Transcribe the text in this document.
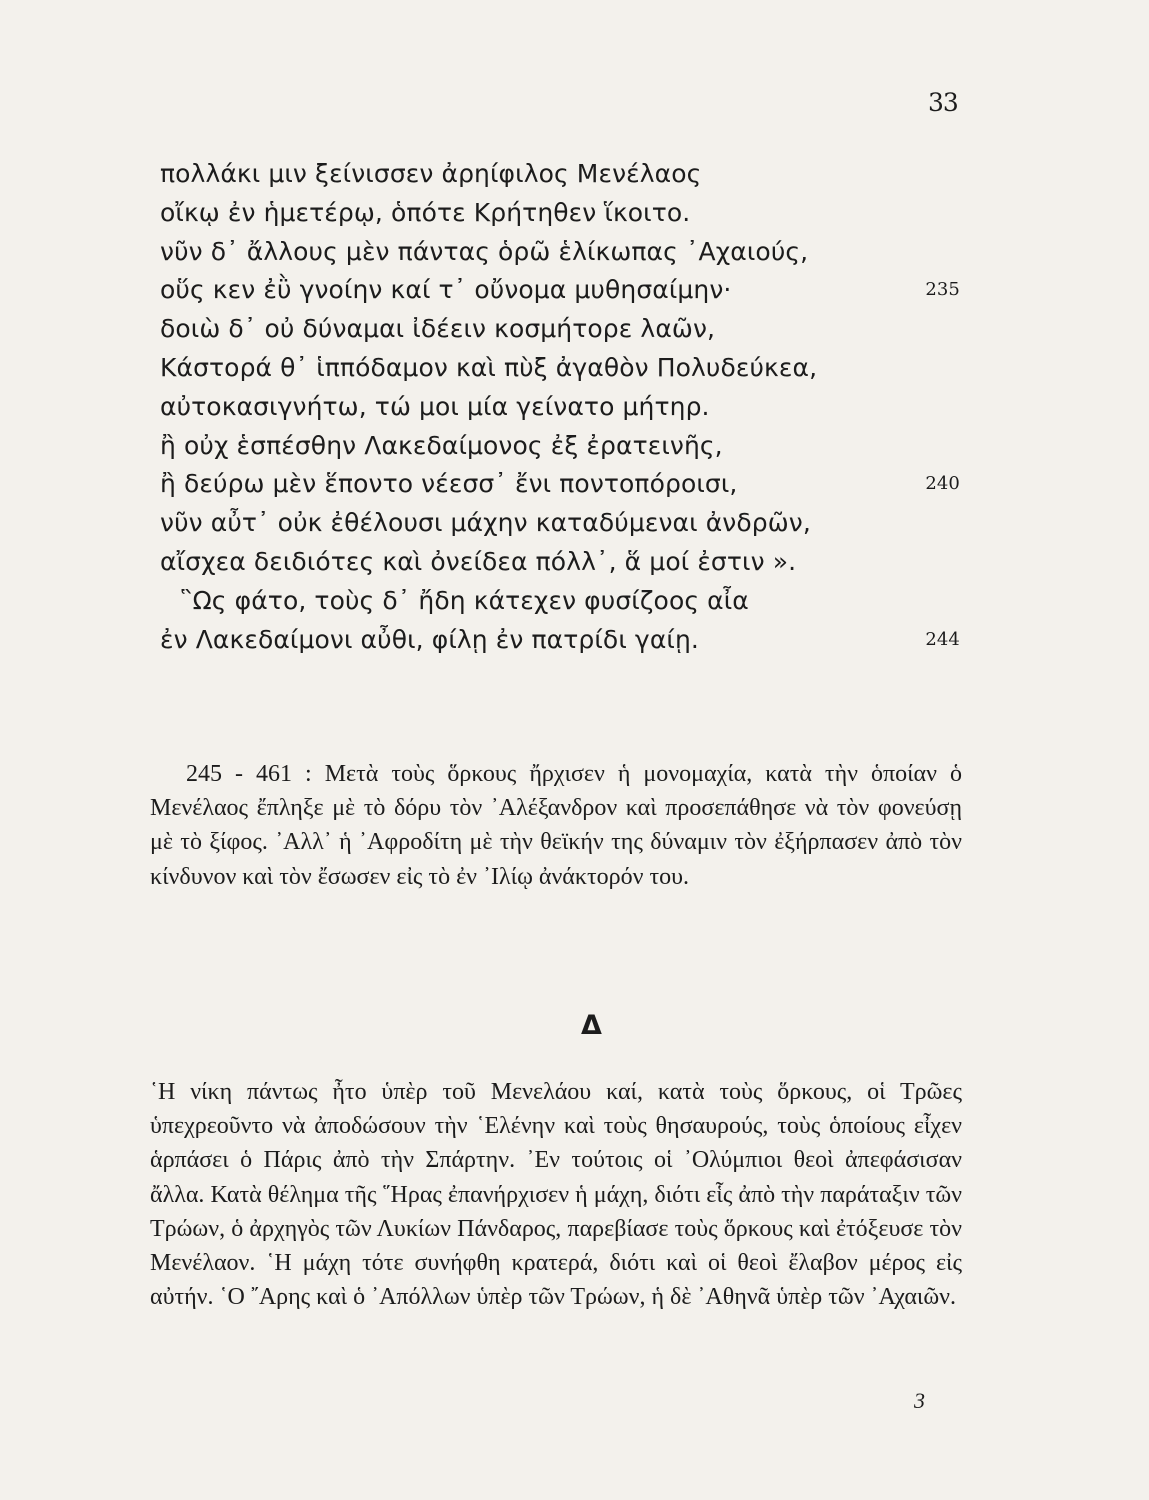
33
πολλάκι μιν ξείνισσεν ἀρηίφιλος Μενέλαος
οἴκῳ ἐν ἡμετέρῳ, ὁπότε Κρήτηθεν ἵκοιτο.
νῦν δ᾽ ἄλλους μὲν πάντας ὁρῶ ἑλίκωπας ᾽Αχαιούς,
οὕς κεν ἐῢ γνοίην καί τ᾽ οὔνομα μυθησαίμην·	235
δοιὼ δ᾽ οὐ δύναμαι ἰδέειν κοσμήτορε λαῶν,
Κάστορά θ᾽ ἱππόδαμον καὶ πὺξ ἀγαθὸν Πολυδεύκεα,
αὐτοκασιγνήτω, τώ μοι μία γείνατο μήτηρ.
ἢ οὐχ ἑσπέσθην Λακεδαίμονος ἐξ ἐρατεινῆς,
ἢ δεύρω μὲν ἕποντο νέεσσ᾽ ἔνι ποντοπόροισι,	240
νῦν αὖτ᾽ οὐκ ἐθέλουσι μάχην καταδύμεναι ἀνδρῶν,
αἴσχεα δειδιότες καὶ ὀνείδεα πόλλ᾽, ἅ μοί ἐστιν ».
῝Ως φάτο, τοὺς δ᾽ ἤδη κάτεχεν φυσίζοος αἶα
ἐν Λακεδαίμονι αὖθι, φίλῃ ἐν πατρίδι γαίῃ.	244

245 - 461 : Μετὰ τοὺς ὅρκους ἤρχισεν ἡ μονομαχία, κατὰ τὴν ὁποίαν ὁ Μενέλαος ἔπληξε μὲ τὸ δόρυ τὸν ᾽Αλέξανδρον καὶ προσεπάθησε νὰ τὸν φονεύσῃ μὲ τὸ ξίφος. ᾽Αλλ᾽ ἡ ᾽Αφροδίτη μὲ τὴν θεϊκήν της δύναμιν τὸν ἐξήρπασεν ἀπὸ τὸν κίνδυνον καὶ τὸν ἔσωσεν εἰς τὸ ἐν ᾽Ιλίῳ ἀνάκτορόν του.

Δ

῾Η νίκη πάντως ἦτο ὑπὲρ τοῦ Μενελάου καί, κατὰ τοὺς ὅρκους, οἱ Τρῶες ὑπεχρεοῦντο νὰ ἀποδώσουν τὴν ῾Ελένην καὶ τοὺς θησαυρούς, τοὺς ὁποίους εἶχεν ἁρπάσει ὁ Πάρις ἀπὸ τὴν Σπάρτην. ᾽Εν τούτοις οἱ ᾽Ολύμπιοι θεοὶ ἀπεφάσισαν ἄλλα. Κατὰ θέλημα τῆς ῞Ηρας ἐπανήρχισεν ἡ μάχη, διότι εἷς ἀπὸ τὴν παράταξιν τῶν Τρώων, ὁ ἀρχηγὸς τῶν Λυκίων Πάνδαρος, παρεβίασε τοὺς ὅρκους καὶ ἐτόξευσε τὸν Μενέλαον. ῾Η μάχη τότε συνήφθη κρατερά, διότι καὶ οἱ θεοὶ ἔλαβον μέρος εἰς αὐτήν. ῾Ο ῎Αρης καὶ ὁ ᾽Απόλλων ὑπὲρ τῶν Τρώων, ἡ δὲ ᾽Αθηνᾶ ὑπὲρ τῶν ᾽Αχαιῶν.

3
